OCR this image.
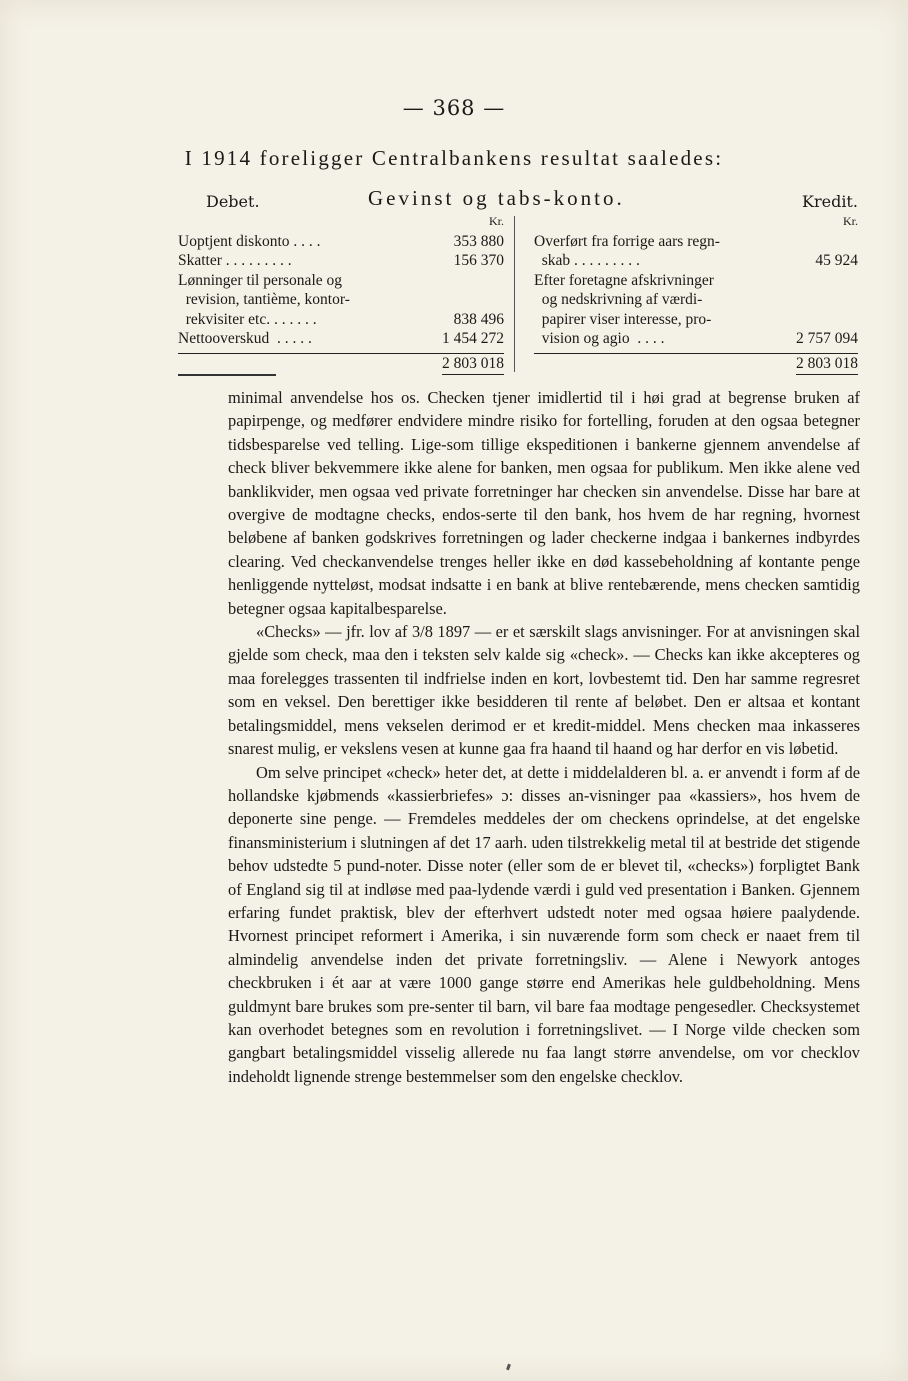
— 368 —
I 1914 foreligger Centralbankens resultat saaledes:
Debet.	Gevinst og tabs-konto.	Kredit.
Kr.
Uoptjent diskonto . . . .	353 880
Skatter . . . . . . . . .	156 370
Lønninger til personale og
revision, tantième, kontor-
rekvisiter etc. . . . . . .	838 496
Nettooverskud  . . . . .	1 454 272
2 803 018
Kr.
Overført fra forrige aars regn-
skab . . . . . . . . .	45 924
Efter foretagne afskrivninger
og nedskrivning af værdi-
papirer viser interesse, pro-
vision og agio  . . . .	2 757 094
2 803 018

minimal anvendelse hos os. Checken tjener imidlertid til i høi grad at begrense bruken af papirpenge, og medfører endvidere mindre risiko for fortelling, foruden at den ogsaa betegner tidsbesparelse ved telling. Lige-som tillige ekspeditionen i bankerne gjennem anvendelse af check bliver bekvemmere ikke alene for banken, men ogsaa for publikum. Men ikke alene ved banklikvider, men ogsaa ved private forretninger har checken sin anvendelse. Disse har bare at overgive de modtagne checks, endos-serte til den bank, hos hvem de har regning, hvornest beløbene af banken godskrives forretningen og lader checkerne indgaa i bankernes indbyrdes clearing. Ved checkanvendelse trenges heller ikke en død kassebeholdning af kontante penge henliggende nytteløst, modsat indsatte i en bank at blive rentebærende, mens checken samtidig betegner ogsaa kapitalbesparelse.

«Checks» — jfr. lov af 3/8 1897 — er et særskilt slags anvisninger. For at anvisningen skal gjelde som check, maa den i teksten selv kalde sig «check». — Checks kan ikke akcepteres og maa forelegges trassenten til indfrielse inden en kort, lovbestemt tid. Den har samme regresret som en veksel. Den berettiger ikke besidderen til rente af beløbet. Den er altsaa et kontant betalingsmiddel, mens vekselen derimod er et kredit-middel. Mens checken maa inkasseres snarest mulig, er vekslens vesen at kunne gaa fra haand til haand og har derfor en vis løbetid.

Om selve principet «check» heter det, at dette i middelalderen bl. a. er anvendt i form af de hollandske kjøbmends «kassierbriefes» ɔ: disses an-visninger paa «kassiers», hos hvem de deponerte sine penge. — Fremdeles meddeles der om checkens oprindelse, at det engelske finansministerium i slutningen af det 17 aarh. uden tilstrekkelig metal til at bestride det stigende behov udstedte 5 pund-noter. Disse noter (eller som de er blevet til, «checks») forpligtet Bank of England sig til at indløse med paa-lydende værdi i guld ved presentation i Banken. Gjennem erfaring fundet praktisk, blev der efterhvert udstedt noter med ogsaa høiere paalydende. Hvornest principet reformert i Amerika, i sin nuværende form som check er naaet frem til almindelig anvendelse inden det private forretningsliv. — Alene i Newyork antoges checkbruken i ét aar at være 1000 gange større end Amerikas hele guldbeholdning. Mens guldmynt bare brukes som pre-senter til barn, vil bare faa modtage pengesedler. Checksystemet kan overhodet betegnes som en revolution i forretningslivet. — I Norge vilde checken som gangbart betalingsmiddel visselig allerede nu faa langt større anvendelse, om vor checklov indeholdt lignende strenge bestemmelser som den engelske checklov.
